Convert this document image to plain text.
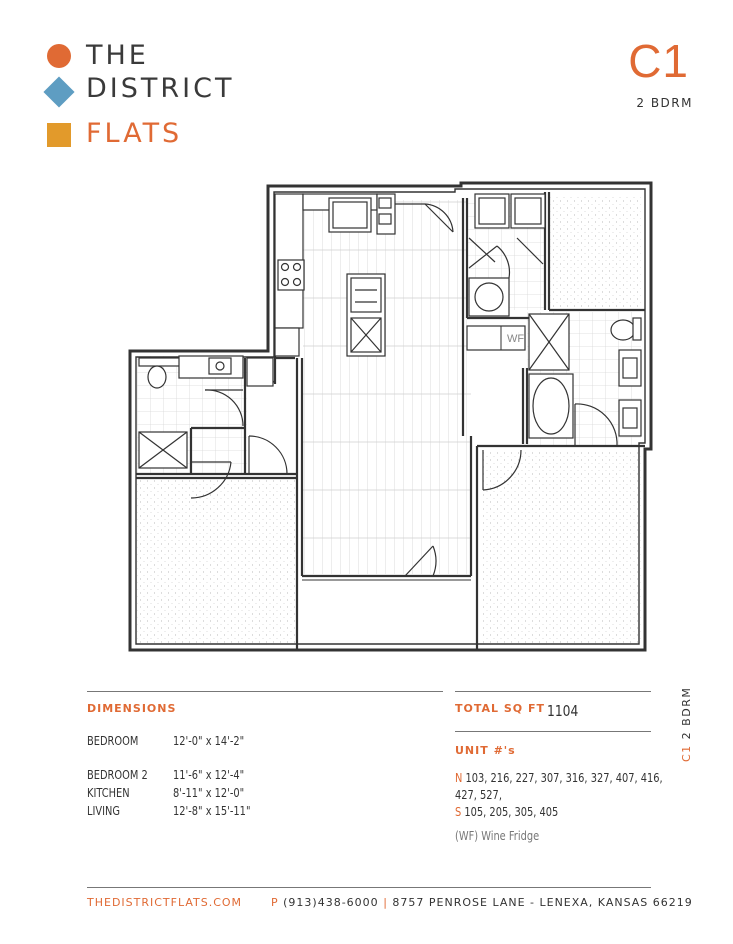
THE
DISTRICT
FLATS
C1
2 BDRM
WF
DIMENSIONS
BEDROOM	12'-0" x 14'-2"
BEDROOM 2 11'-6" x 12'-4"
KITCHEN	8'-11" x 12'-0"
LIVING	12'-8" x 15'-11"
TOTAL SQ FT 1104
UNIT #'s
N 103, 216, 227, 307, 316, 327, 407, 416,
427, 527,
S 105, 205, 305, 405
(WF) Wine Fridge
C1 2 BDRM
THEDISTRICTFLATS.COM	P (913)438-6000 | 8757 PENROSE LANE - LENEXA, KANSAS 66219
